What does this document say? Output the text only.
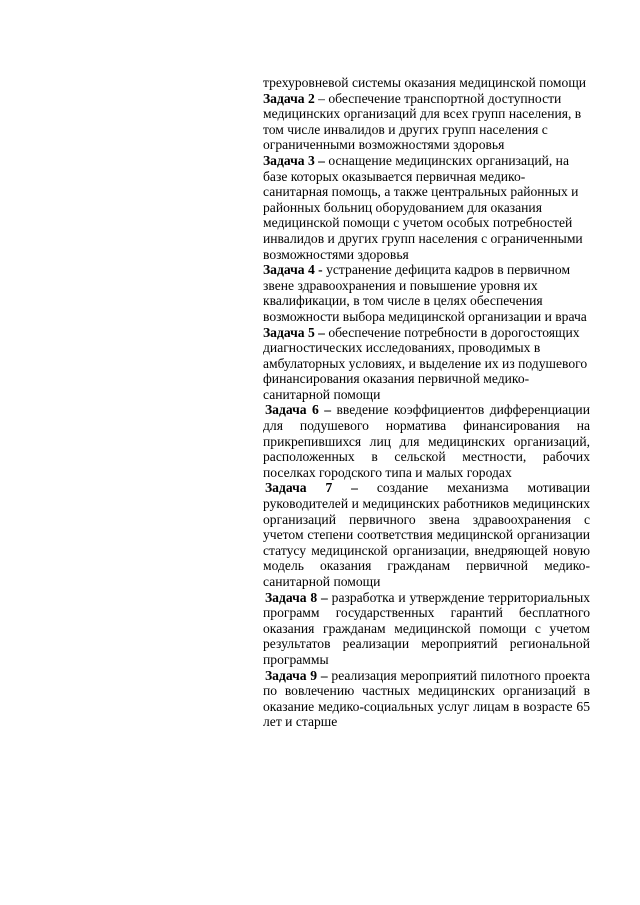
трехуровневой системы оказания медицинской помощи

Задача 2 – обеспечение транспортной доступности медицинских организаций для всех групп населения, в том числе инвалидов и других групп населения с ограниченными возможностями здоровья

Задача 3 – оснащение медицинских организаций, на базе которых оказывается первичная медико-санитарная помощь, а также центральных районных и районных больниц оборудованием для оказания медицинской помощи с учетом особых потребностей инвалидов и других групп населения с ограниченными возможностями здоровья

Задача 4 - устранение дефицита кадров в первичном звене здравоохранения и повышение уровня их квалификации, в том числе в целях обеспечения возможности выбора медицинской организации и врача

Задача 5 – обеспечение потребности в дорогостоящих диагностических исследованиях, проводимых в амбулаторных условиях, и выделение их из подушевого финансирования оказания первичной медико-санитарной помощи

Задача 6 – введение коэффициентов дифференциации для подушевого норматива финансирования на прикрепившихся лиц для медицинских организаций, расположенных в сельской местности, рабочих поселках городского типа и малых городах

Задача 7 – создание механизма мотивации руководителей и медицинских работников медицинских организаций первичного звена здравоохранения с учетом степени соответствия медицинской организации статусу медицинской организации, внедряющей новую модель оказания гражданам первичной медико-санитарной помощи

Задача 8 – разработка и утверждение территориальных программ государственных гарантий бесплатного оказания гражданам медицинской помощи с учетом результатов реализации мероприятий региональной программы

Задача 9 – реализация мероприятий пилотного проекта по вовлечению частных медицинских организаций в оказание медико-социальных услуг лицам в возрасте 65 лет и старше
